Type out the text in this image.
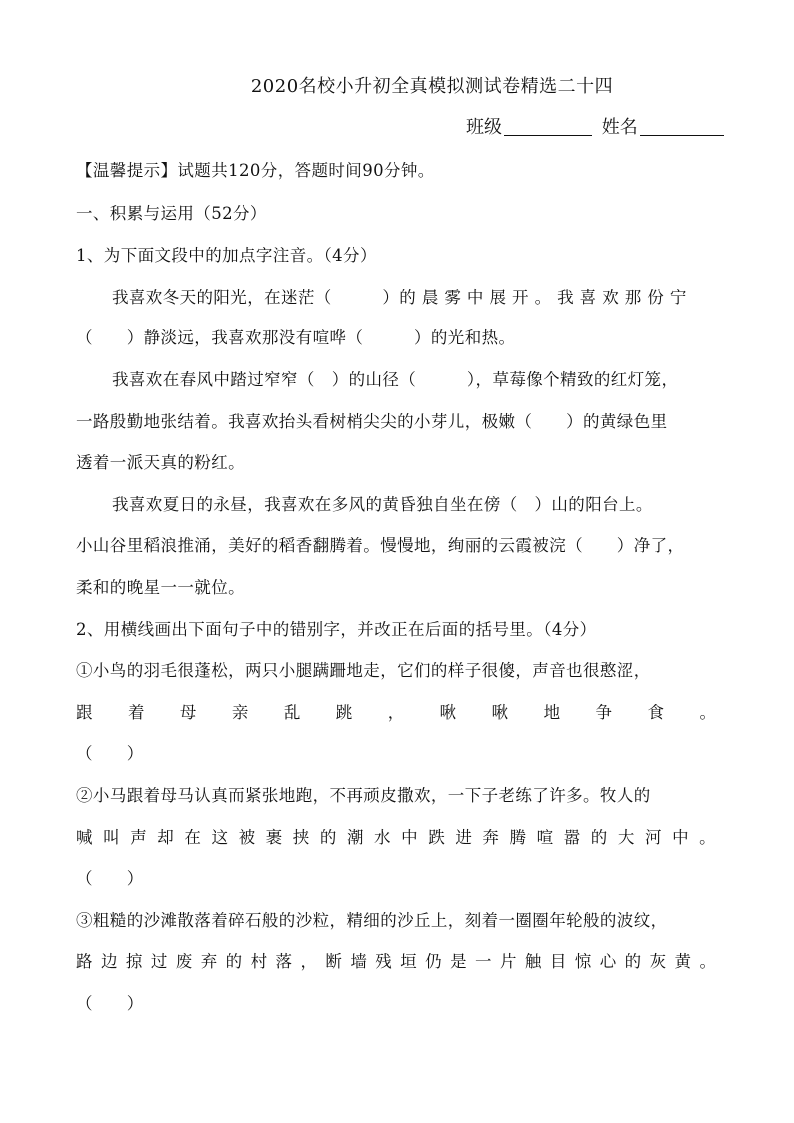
2020名校小升初全真模拟测试卷精选二十四
班级	姓名
【温馨提示】试题共120分，答题时间90分钟。
一、积累与运用（52分）
1、为下面文段中的加点字注音。（4分）
我喜欢冬天的阳光，在迷茫（　　　）的 晨 雾 中 展 开 。 我 喜 欢 那 份 宁
（　　）静淡远，我喜欢那没有喧哗（　　　）的光和热。
我喜欢在春风中踏过窄窄（　）的山径（　　　），草莓像个精致的红灯笼，
一路殷勤地张结着。我喜欢抬头看树梢尖尖的小芽儿，极嫩（　　）的黄绿色里
透着一派天真的粉红。
我喜欢夏日的永昼，我喜欢在多风的黄昏独自坐在傍（　）山的阳台上。
小山谷里稻浪推涌，美好的稻香翻腾着。慢慢地，绚丽的云霞被浣（　　）净了，
柔和的晚星一一就位。
2、用横线画出下面句子中的错别字，并改正在后面的括号里。（4分）
①小鸟的羽毛很蓬松，两只小腿蹒跚地走，它们的样子很傻，声音也很憨涩，
跟 着 母 亲 乱 跳 ， 啾 啾 地 争 食 。
（　　）
②小马跟着母马认真而紧张地跑，不再顽皮撒欢，一下子老练了许多。牧人的
喊 叫 声 却 在 这 被 裹 挟 的 潮 水 中 跌 进 奔 腾 喧 嚣 的 大 河 中 。
（　　）
③粗糙的沙滩散落着碎石般的沙粒，精细的沙丘上，刻着一圈圈年轮般的波纹，
路 边 掠 过 废 弃 的 村 落 ， 断 墙 残 垣 仍 是 一 片 触 目 惊 心 的 灰 黄 。
（　　）
